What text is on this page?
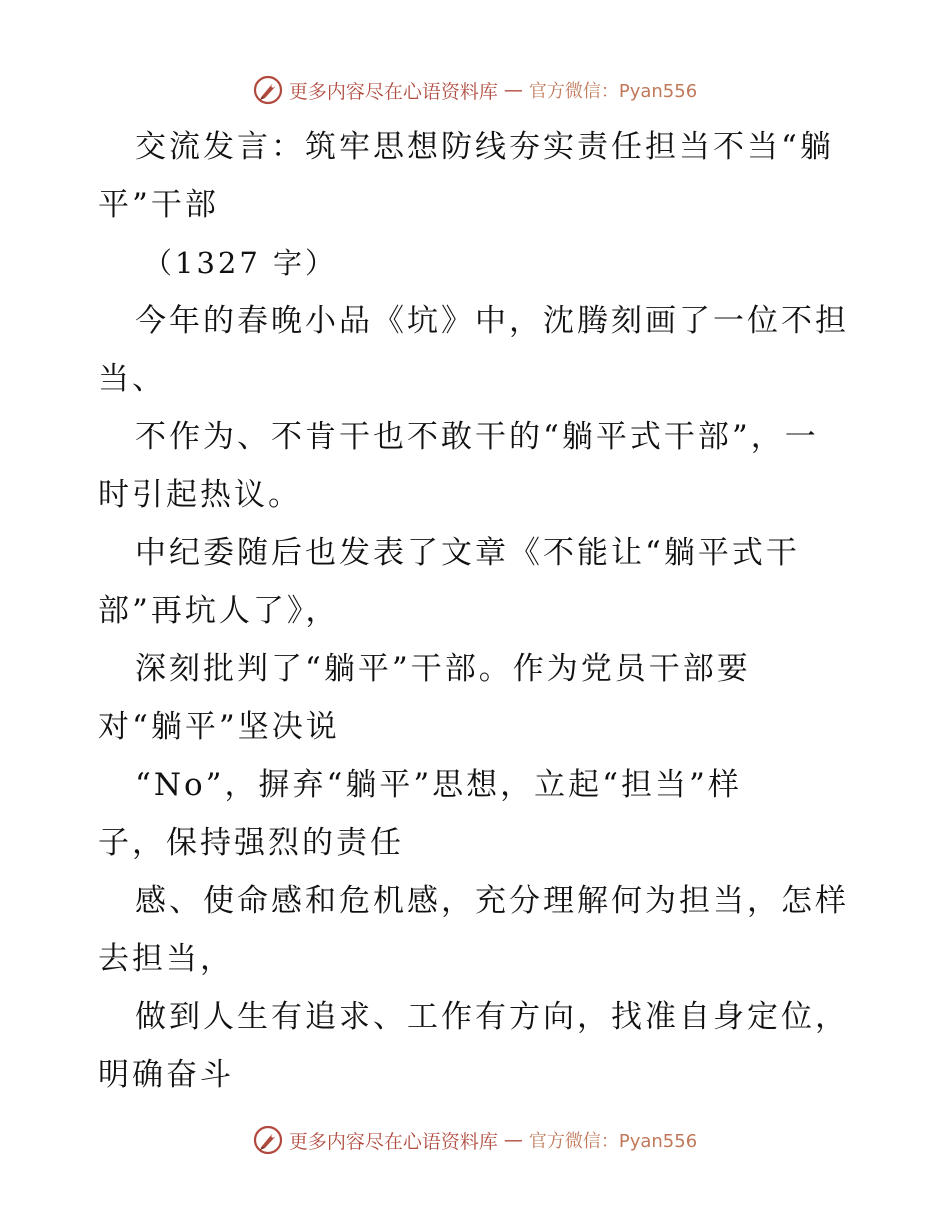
更多内容尽在心语资料库 — 官方微信：Pyan556
交流发言：筑牢思想防线夯实责任担当不当“躺
平”干部
（1327 字）
今年的春晚小品《坑》中，沈腾刻画了一位不担
当、
不作为、不肯干也不敢干的“躺平式干部”，一
时引起热议。
中纪委随后也发表了文章《不能让“躺平式干
部”再坑人了》，
深刻批判了“躺平”干部。作为党员干部要
对“躺平”坚决说
“No”，摒弃“躺平”思想，立起“担当”样
子，保持强烈的责任
感、使命感和危机感，充分理解何为担当，怎样
去担当，
做到人生有追求、工作有方向，找准自身定位，
明确奋斗
更多内容尽在心语资料库 — 官方微信：Pyan556
